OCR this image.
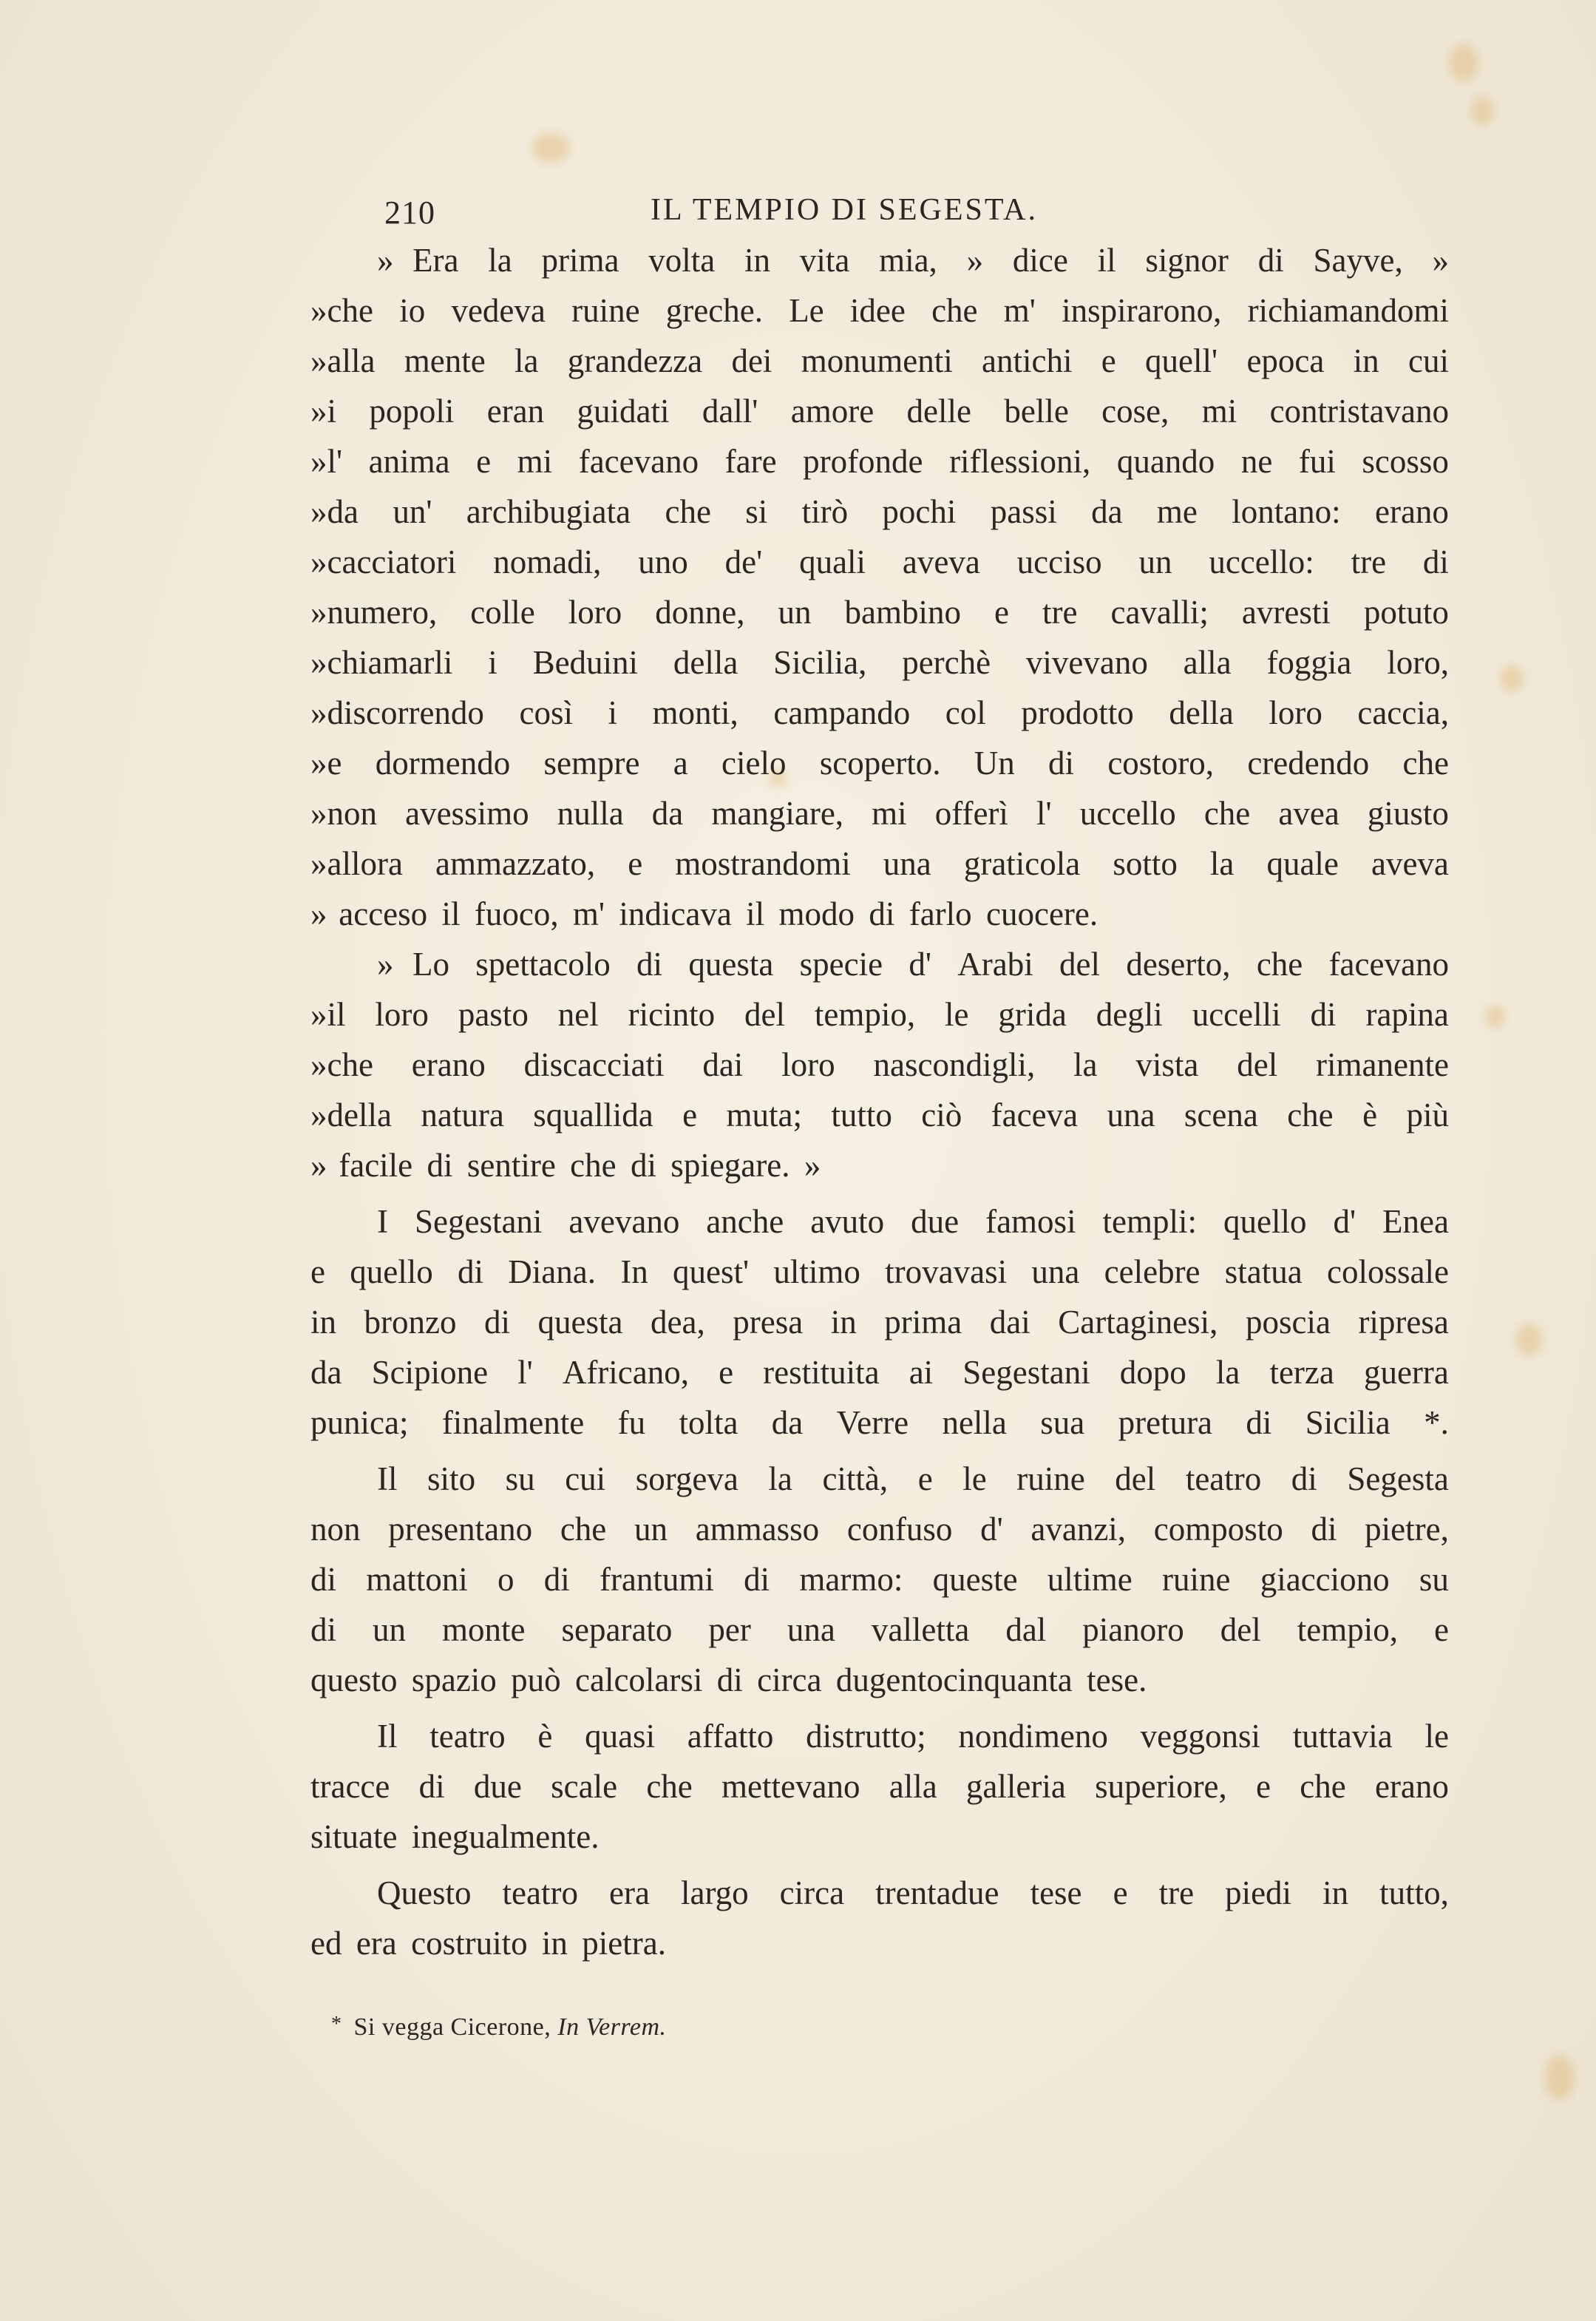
210	IL TEMPIO DI SEGESTA.
» Era la prima volta in vita mia, » dice il signor di Sayve, »
» che io vedeva ruine greche. Le idee che m' inspirarono, richiamandomi
» alla mente la grandezza dei monumenti antichi e quell' epoca in cui
» i popoli eran guidati dall' amore delle belle cose, mi contristavano
» l' anima e mi facevano fare profonde riflessioni, quando ne fui scosso
» da un' archibugiata che si tirò pochi passi da me lontano: erano
» cacciatori nomadi, uno de' quali aveva ucciso un uccello: tre di
» numero, colle loro donne, un bambino e tre cavalli; avresti potuto
» chiamarli i Beduini della Sicilia, perchè vivevano alla foggia loro,
» discorrendo così i monti, campando col prodotto della loro caccia,
» e dormendo sempre a cielo scoperto. Un di costoro, credendo che
» non avessimo nulla da mangiare, mi offerì l' uccello che avea giusto
» allora ammazzato, e mostrandomi una graticola sotto la quale aveva
» acceso il fuoco, m' indicava il modo di farlo cuocere.
» Lo spettacolo di questa specie d' Arabi del deserto, che facevano
» il loro pasto nel ricinto del tempio, le grida degli uccelli di rapina
» che erano discacciati dai loro nascondigli, la vista del rimanente
» della natura squallida e muta; tutto ciò faceva una scena che è più
» facile di sentire che di spiegare. »
I Segestani avevano anche avuto due famosi templi: quello d' Enea
e quello di Diana. In quest' ultimo trovavasi una celebre statua colossale
in bronzo di questa dea, presa in prima dai Cartaginesi, poscia ripresa
da Scipione l' Africano, e restituita ai Segestani dopo la terza guerra
punica; finalmente fu tolta da Verre nella sua pretura di Sicilia *.
Il sito su cui sorgeva la città, e le ruine del teatro di Segesta
non presentano che un ammasso confuso d' avanzi, composto di pietre,
di mattoni o di frantumi di marmo: queste ultime ruine giacciono su
di un monte separato per una valletta dal pianoro del tempio, e
questo spazio può calcolarsi di circa dugentocinquanta tese.
Il teatro è quasi affatto distrutto; nondimeno veggonsi tuttavia le
tracce di due scale che mettevano alla galleria superiore, e che erano
situate inegualmente.
Questo teatro era largo circa trentadue tese e tre piedi in tutto,
ed era costruito in pietra.
* Si vegga Cicerone, In Verrem.
